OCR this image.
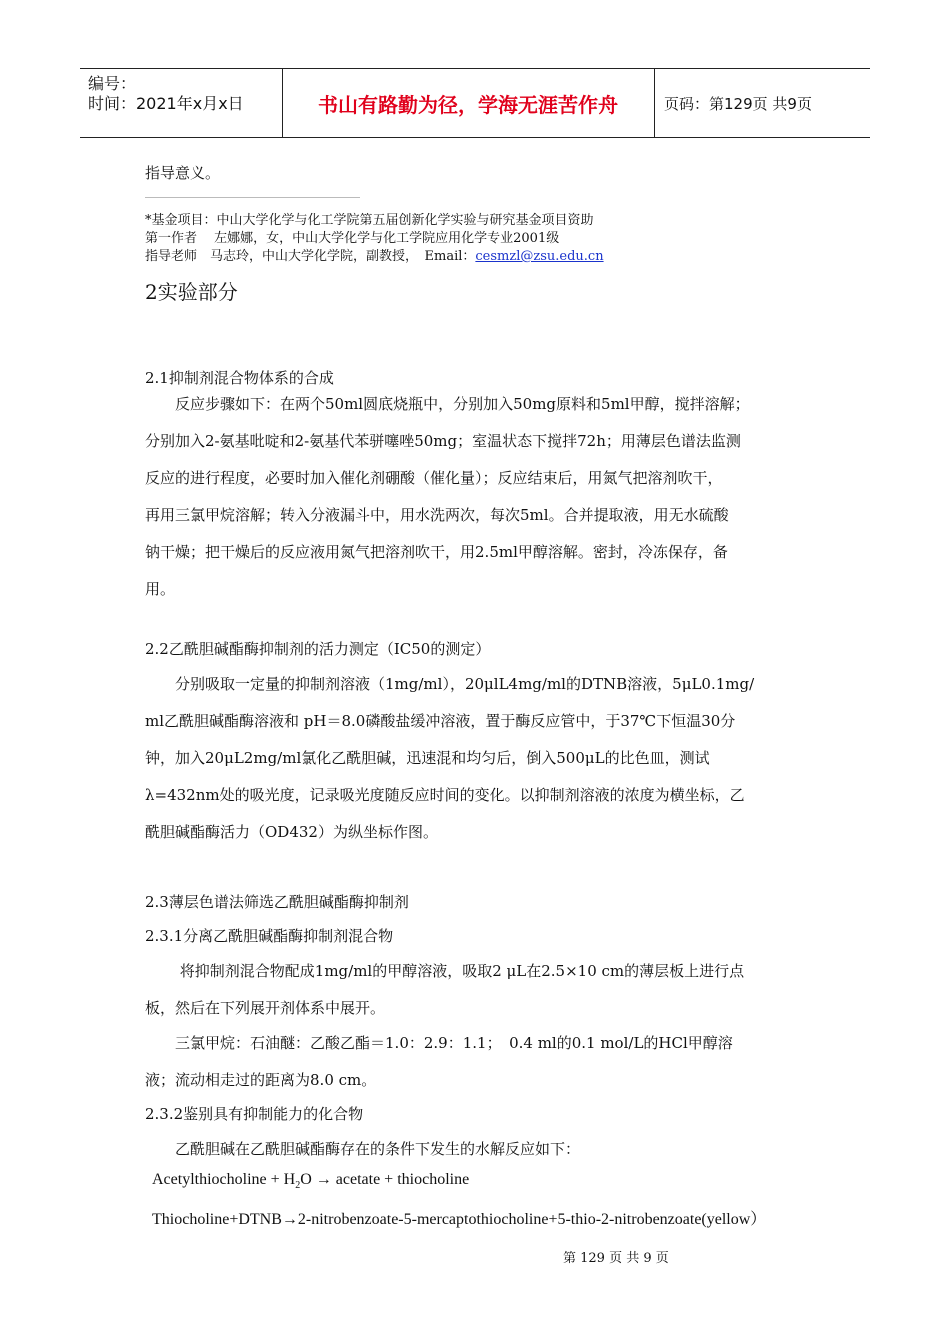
编号：
时间：2021年x月x日	书山有路勤为径，学海无涯苦作舟	页码：第129页 共9页
指导意义。
*基金项目：中山大学化学与化工学院第五届创新化学实验与研究基金项目资助
第一作者　 左娜娜，女，中山大学化学与化工学院应用化学专业2001级
指导老师　马志玲，中山大学化学院，副教授，　Email：cesmzl@zsu.edu.cn
2实验部分
2.1抑制剂混合物体系的合成
　　反应步骤如下：在两个50ml圆底烧瓶中，分别加入50mg原料和5ml甲醇，搅拌溶解；
分别加入2-氨基吡啶和2-氨基代苯骈噻唑50mg；室温状态下搅拌72h；用薄层色谱法监测
反应的进行程度，必要时加入催化剂硼酸（催化量）；反应结束后，用氮气把溶剂吹干，
再用三氯甲烷溶解；转入分液漏斗中，用水洗两次，每次5ml。合并提取液，用无水硫酸
钠干燥；把干燥后的反应液用氮气把溶剂吹干，用2.5ml甲醇溶解。密封，冷冻保存，备
用。
2.2乙酰胆碱酯酶抑制剂的活力测定（IC50的测定）
　　分别吸取一定量的抑制剂溶液（1mg/ml），20μlL4mg/ml的DTNB溶液，5μL0.1mg/
ml乙酰胆碱酯酶溶液和 pH＝8.0磷酸盐缓冲溶液，置于酶反应管中，于37℃下恒温30分
钟，加入20μL2mg/ml氯化乙酰胆碱，迅速混和均匀后，倒入500μL的比色皿，测试
λ=432nm处的吸光度，记录吸光度随反应时间的变化。以抑制剂溶液的浓度为横坐标，乙
酰胆碱酯酶活力（OD432）为纵坐标作图。
2.3薄层色谱法筛选乙酰胆碱酯酶抑制剂
2.3.1分离乙酰胆碱酯酶抑制剂混合物
　　 将抑制剂混合物配成1mg/ml的甲醇溶液，吸取2 μL在2.5×10 cm的薄层板上进行点
板，然后在下列展开剂体系中展开。
　　三氯甲烷：石油醚：乙酸乙酯＝1.0：2.9：1.1；　0.4 ml的0.1 mol/L的HCl甲醇溶
液；流动相走过的距离为8.0 cm。
2.3.2鉴别具有抑制能力的化合物
　　乙酰胆碱在乙酰胆碱酯酶存在的条件下发生的水解反应如下：
Acetylthiocholine + $H_2O$ → acetate + thiocholine
Thiocholine+DTNB→2-nitrobenzoate-5-mercaptothiocholine+5-thio-2-nitrobenzoate(yellow）
第 129 页 共 9 页
